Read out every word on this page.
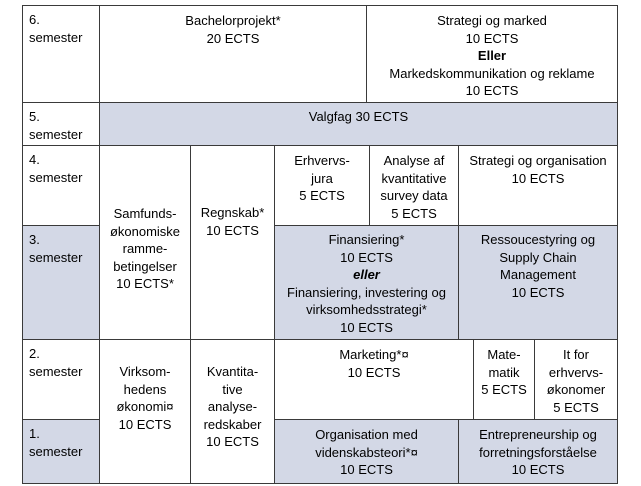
6.
semester
Bachelorprojekt*
20 ECTS
Strategi og marked
10 ECTS
Eller
Markedskommunikation og reklame
10 ECTS
5.
semester
Valgfag 30 ECTS
4.
semester
Samfunds-
økonomiske
ramme-
betingelser
10 ECTS*
Regnskab*
10 ECTS
Erhvervs-
jura
5 ECTS
Analyse af
kvantitative
survey data
5 ECTS
Strategi og organisation
10 ECTS
3.
semester
Finansiering*
10 ECTS
eller
Finansiering, investering og
virksomhedsstrategi*
10 ECTS
Ressoucestyring og
Supply Chain
Management
10 ECTS
2.
semester	Virksom-
hedens
økonomi¤
10 ECTS
Kvantita-
tive
analyse-
redskaber
10 ECTS
Marketing*¤
10 ECTS
Mate-
matik
5 ECTS
It for
erhvervs-
økonomer
5 ECTS
1.
semester
Organisation med
videnskabsteori*¤
10 ECTS
Entrepreneurship og
forretningsforståelse
10 ECTS
